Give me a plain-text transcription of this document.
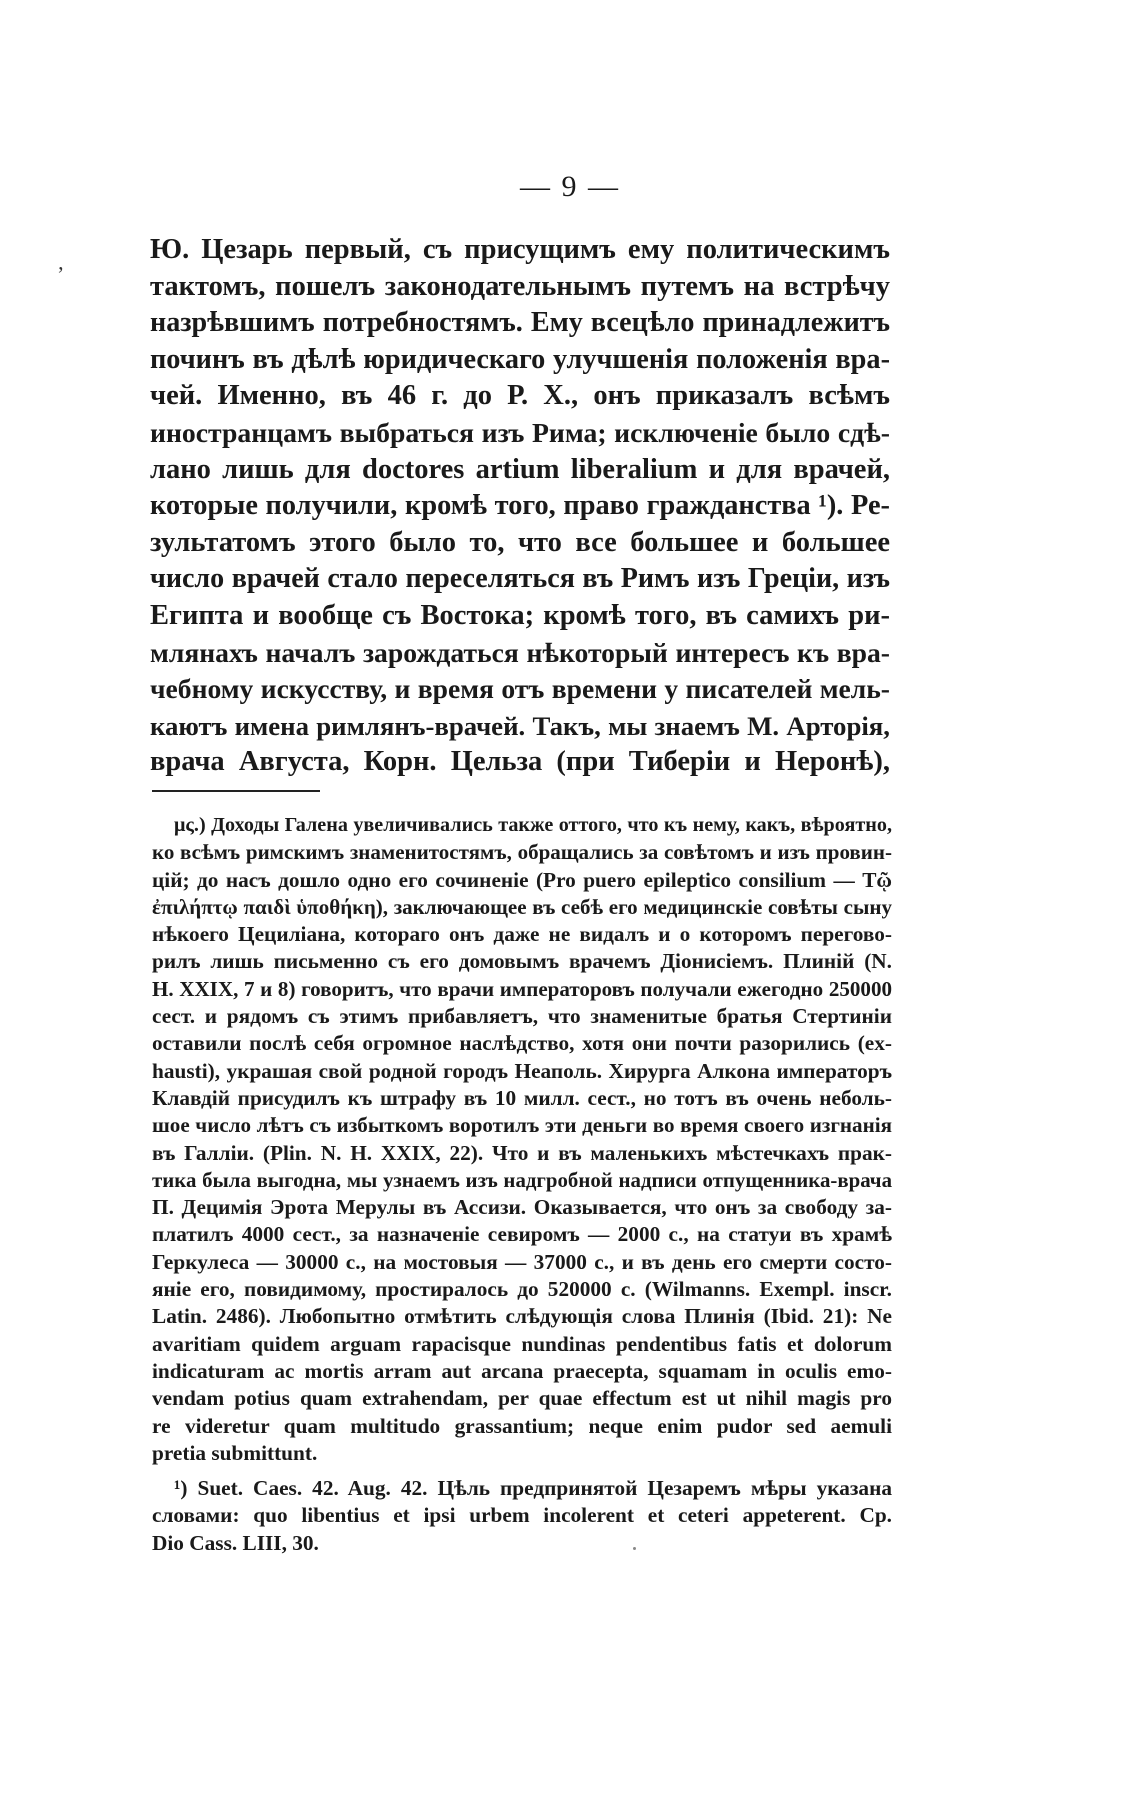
— 9 —
ʼ
Ю. Цезарь первый, съ присущимъ ему политическимъ
тактомъ, пошелъ законодательнымъ путемъ на встрѣчу
назрѣвшимъ потребностямъ. Ему всецѣло принадлежитъ
починъ въ дѣлѣ юридическаго улучшенія положенія вра-
чей. Именно, въ 46 г. до Р. Х., онъ приказалъ всѣмъ
иностранцамъ выбраться изъ Рима; исключеніе было сдѣ-
лано лишь для doctores artium liberalium и для врачей,
которые получили, кромѣ того, право гражданства ¹). Ре-
зультатомъ этого было то, что все большее и большее
число врачей стало переселяться въ Римъ изъ Греціи, изъ
Египта и вообще съ Востока; кромѣ того, въ самихъ ри-
млянахъ началъ зарождаться нѣкоторый интересъ къ вра-
чебному искусству, и время отъ времени у писателей мель-
каютъ имена римлянъ-врачей. Такъ, мы знаемъ М. Арторія,
врача Августа, Корн. Цельза (при Тиберіи и Неронѣ),
μς.) Доходы Галена увеличивались также оттого, что къ нему, какъ, вѣроятно,
ко всѣмъ римскимъ знаменитостямъ, обращались за совѣтомъ и изъ провин-
цій; до насъ дошло одно его сочиненіе (Pro puero epileptico consilium — Τῷ
ἐπιλήπτῳ παιδὶ ὑποθήκη), заключающее въ себѣ его медицинскіе совѣты сыну
нѣкоего Цециліана, котораго онъ даже не видалъ и о которомъ перегово-
рилъ лишь письменно съ его домовымъ врачемъ Діонисіемъ. Плиній (N.
H. XXIX, 7 и 8) говоритъ, что врачи императоровъ получали ежегодно 250000
сест. и рядомъ съ этимъ прибавляетъ, что знаменитые братья Стертиніи
оставили послѣ себя огромное наслѣдство, хотя они почти разорились (ex-
hausti), украшая свой родной городъ Неаполь. Хирурга Алкона императоръ
Клавдій присудилъ къ штрафу въ 10 милл. сест., но тотъ въ очень неболь-
шое число лѣтъ съ избыткомъ воротилъ эти деньги во время своего изгнанія
въ Галліи. (Plin. N. H. XXIX, 22). Что и въ маленькихъ мѣстечкахъ прак-
тика была выгодна, мы узнаемъ изъ надгробной надписи отпущенника-врача
П. Децимія Эрота Мерулы въ Ассизи. Оказывается, что онъ за свободу за-
платилъ 4000 сест., за назначеніе севиромъ — 2000 с., на статуи въ храмѣ
Геркулеса — 30000 с., на мостовыя — 37000 с., и въ день его смерти состо-
яніе его, повидимому, простиралось до 520000 с. (Wilmanns. Exempl. inscr.
Latin. 2486). Любопытно отмѣтить слѣдующія слова Плинія (Ibid. 21): Ne
avaritiam quidem arguam rapacisque nundinas pendentibus fatis et dolorum
indicaturam ac mortis arram aut arcana praecepta, squamam in oculis emo-
vendam potius quam extrahendam, per quae effectum est ut nihil magis pro
re videretur quam multitudo grassantium; neque enim pudor sed aemuli
pretia submittunt.
¹) Suet. Caes. 42. Aug. 42. Цѣль предпринятой Цезаремъ мѣры указана
словами: quo libentius et ipsi urbem incolerent et ceteri appeterent. Cp.
Dio Cass. LIII, 30.
